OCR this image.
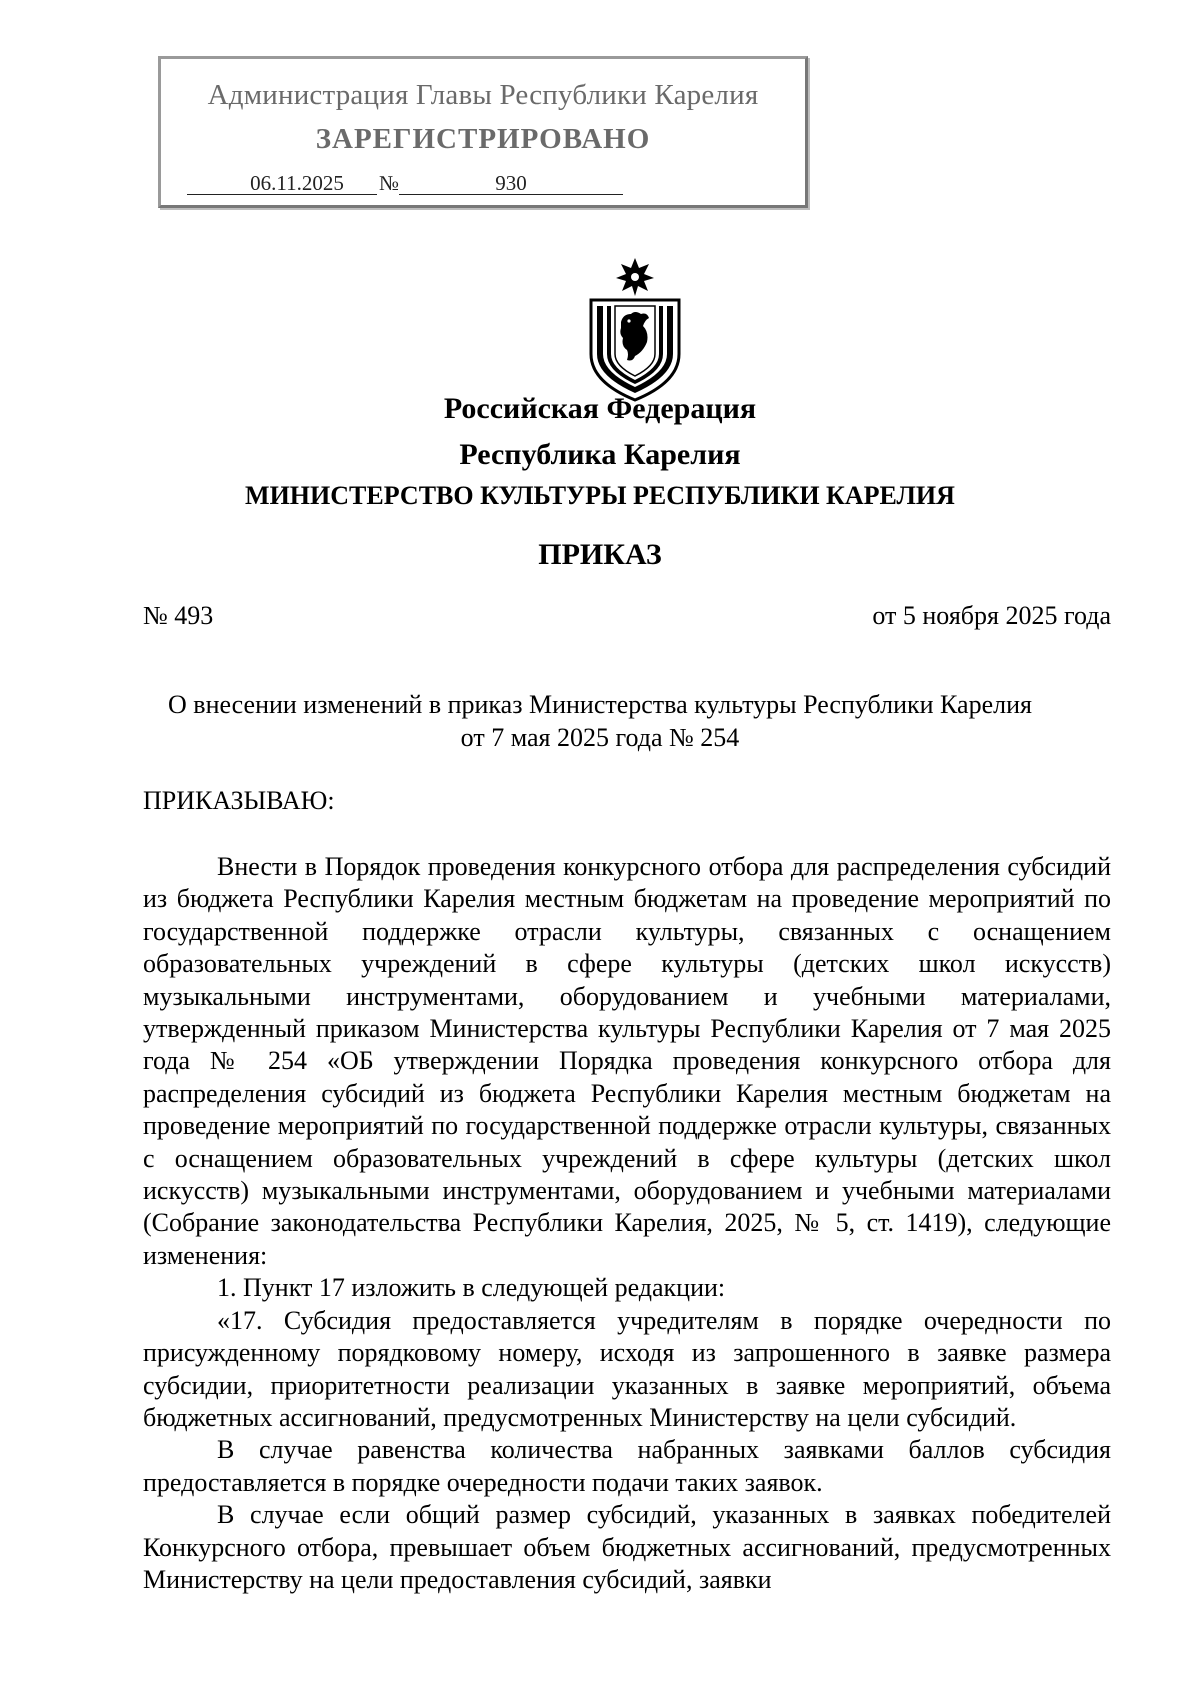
Администрация Главы Республики Карелия
ЗАРЕГИСТРИРОВАНО
06.11.2025 №	930
Российская Федерация
Республика Карелия
МИНИСТЕРСТВО КУЛЬТУРЫ РЕСПУБЛИКИ КАРЕЛИЯ
ПРИКАЗ
№ 493	от 5 ноября 2025 года
О внесении изменений в приказ Министерства культуры Республики Карелия
от 7 мая 2025 года № 254
ПРИКАЗЫВАЮ:

Внести в Порядок проведения конкурсного отбора для распределения субсидий из бюджета Республики Карелия местным бюджетам на проведение мероприятий по государственной поддержке отрасли культуры, связанных с оснащением образовательных учреждений в сфере культуры (детских школ искусств) музыкальными инструментами, оборудованием и учебными материалами, утвержденный приказом Министерства культуры Республики Карелия от 7 мая 2025 года № 254 «ОБ утверждении Порядка проведения конкурсного отбора для распределения субсидий из бюджета Республики Карелия местным бюджетам на проведение мероприятий по государственной поддержке отрасли культуры, связанных с оснащением образовательных учреждений в сфере культуры (детских школ искусств) музыкальными инструментами, оборудованием и учебными материалами (Собрание законодательства Республики Карелия, 2025, № 5, ст. 1419), следующие изменения:

1. Пункт 17 изложить в следующей редакции:

«17. Субсидия предоставляется учредителям в порядке очередности по присужденному порядковому номеру, исходя из запрошенного в заявке размера субсидии, приоритетности реализации указанных в заявке мероприятий, объема бюджетных ассигнований, предусмотренных Министерству на цели субсидий.

В случае равенства количества набранных заявками баллов субсидия предоставляется в порядке очередности подачи таких заявок.

В случае если общий размер субсидий, указанных в заявках победителей Конкурсного отбора, превышает объем бюджетных ассигнований, предусмотренных Министерству на цели предоставления субсидий, заявки
